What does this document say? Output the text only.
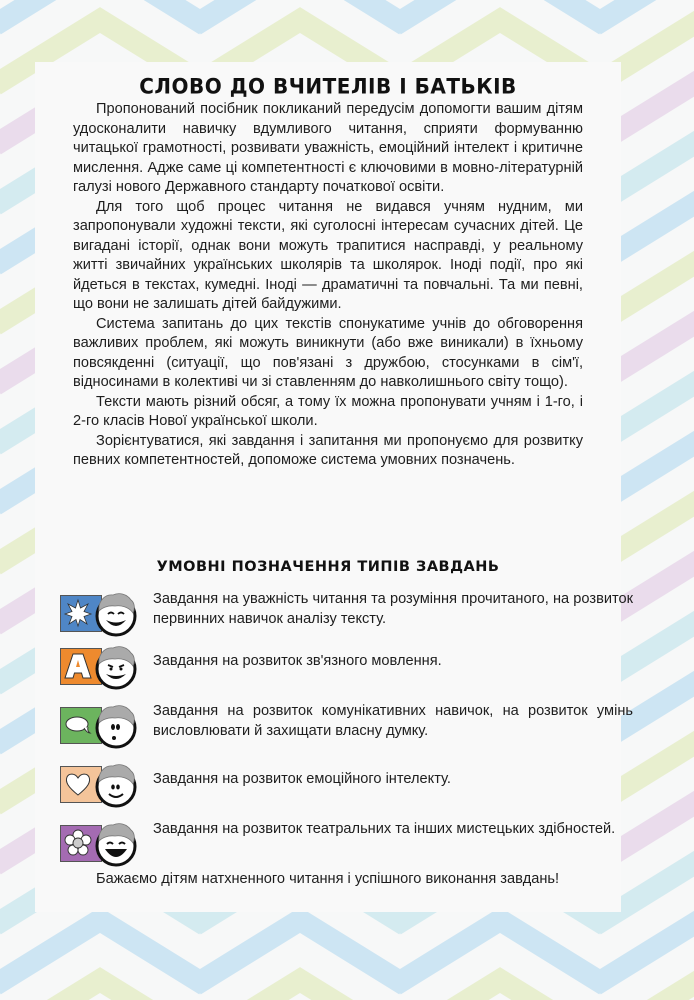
СЛОВО ДО ВЧИТЕЛІВ І БАТЬКІВ

Пропонований посібник покликаний передусім допомогти вашим дітям удосконалити навичку вдумливого читання, сприяти формуванню читацької грамотності, розвивати уважність, емоційний інтелект і критичне мислення. Адже саме ці компетентності є ключовими в мовно-літературній галузі нового Державного стандарту початкової освіти.

Для того щоб процес читання не видався учням нудним, ми запропонували художні тексти, які суголосні інтересам сучасних дітей. Це вигадані історії, однак вони можуть трапитися насправді, у реальному житті звичайних українських школярів та школярок. Іноді події, про які йдеться в текстах, кумедні. Іноді — драматичні та повчальні. Та ми певні, що вони не залишать дітей байдужими.

Система запитань до цих текстів спонукатиме учнів до обговорення важливих проблем, які можуть виникнути (або вже виникали) в їхньому повсякденні (ситуації, що пов'язані з дружбою, стосунками в сім'ї, відносинами в колективі чи зі ставленням до навколишнього світу тощо).

Тексти мають різний обсяг, а тому їх можна пропонувати учням і 1-го, і 2-го класів Нової української школи.

Зорієнтуватися, які завдання і запитання ми пропонуємо для розвитку певних компетентностей, допоможе система умовних позначень.

УМОВНІ ПОЗНАЧЕННЯ ТИПІВ ЗАВДАНЬ
Завдання на уважність читання та розуміння прочитаного, на розвиток первинних навичок аналізу тексту.
Завдання на розвиток зв'язного мовлення.
Завдання на розвиток комунікативних навичок, на розвиток умінь висловлювати й захищати власну думку.
Завдання на розвиток емоційного інтелекту.
Завдання на розвиток театральних та інших мистецьких здібностей.

Бажаємо дітям натхненного читання і успішного виконання завдань!
